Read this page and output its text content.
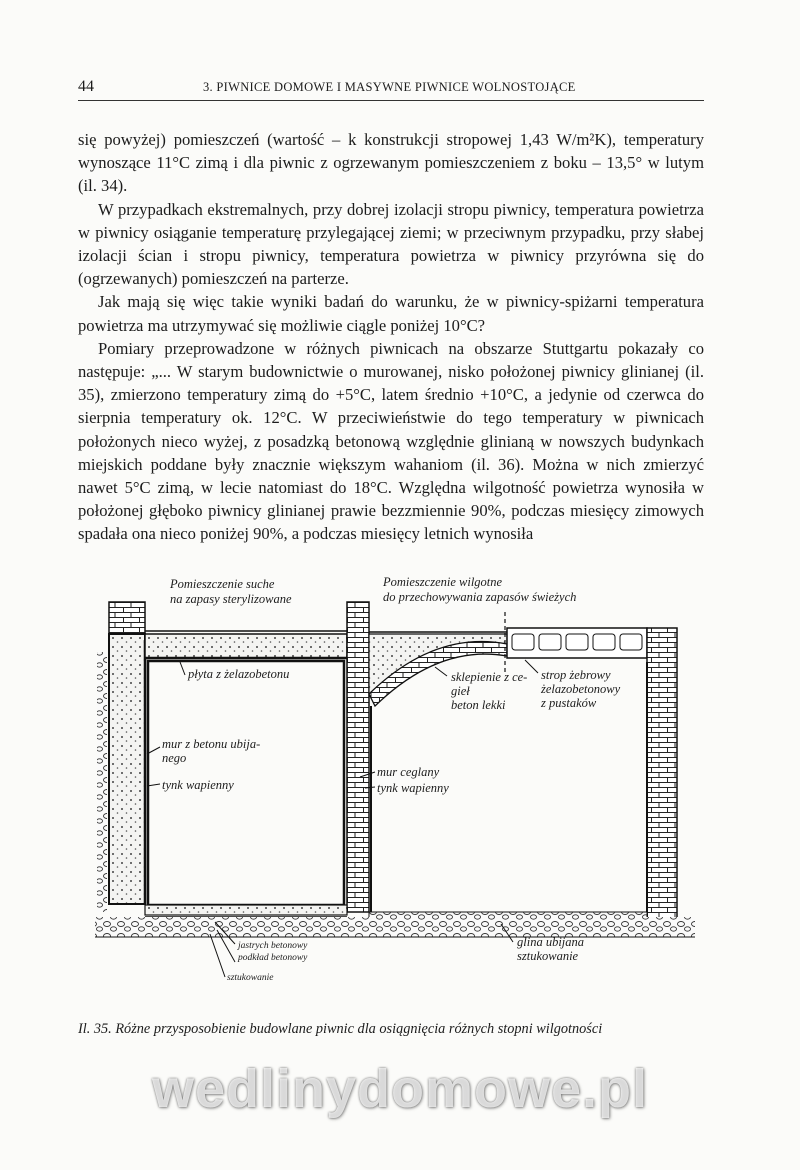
44	3. PIWNICE DOMOWE I MASYWNE PIWNICE WOLNOSTOJĄCE

się powyżej) pomieszczeń (wartość – k konstrukcji stropowej 1,43 W/m²K), temperatury wynoszące 11°C zimą i dla piwnic z ogrzewanym pomieszczeniem z boku – 13,5° w lutym (il. 34).

W przypadkach ekstremalnych, przy dobrej izolacji stropu piwnicy, temperatura powietrza w piwnicy osiąganie temperaturę przylegającej ziemi; w przeciwnym przypadku, przy słabej izolacji ścian i stropu piwnicy, temperatura powietrza w piwnicy przyrówna się do (ogrzewanych) pomieszczeń na parterze.

Jak mają się więc takie wyniki badań do warunku, że w piwnicy-spiżarni temperatura powietrza ma utrzymywać się możliwie ciągle poniżej 10°C?

Pomiary przeprowadzone w różnych piwnicach na obszarze Stuttgartu pokazały co następuje: „... W starym budownictwie o murowanej, nisko położonej piwnicy glinianej (il. 35), zmierzono temperatury zimą do +5°C, latem średnio +10°C, a jedynie od czerwca do sierpnia temperatury ok. 12°C. W przeciwieństwie do tego temperatury w piwnicach położonych nieco wyżej, z posadzką betonową względnie glinianą w nowszych budynkach miejskich poddane były znacznie większym wahaniom (il. 36). Można w nich zmierzyć nawet 5°C zimą, w lecie natomiast do 18°C. Względna wilgotność powietrza wynosiła w położonej głęboko piwnicy glinianej prawie bezzmiennie 90%, podczas miesięcy zimowych spadała ona nieco poniżej 90%, a podczas miesięcy letnich wynosiła

Pomieszczenie suche
na zapasy sterylizowane
Pomieszczenie wilgotne
do przechowywania zapasów świeżych
płyta z żelazobetonu	sklepienie z ce-
gieł
beton lekki
strop żebrowy
żelazobetonowy
z pustaków
mur z betonu ubija-
nego
tynk wapienny
mur ceglany
tynk wapienny
jastrych betonowy
podkład betonowy
sztukowanie
glina ubijana
sztukowanie
Il. 35. Różne przysposobienie budowlane piwnic dla osiągnięcia różnych stopni wilgotności
wedlinydomowe.pl
